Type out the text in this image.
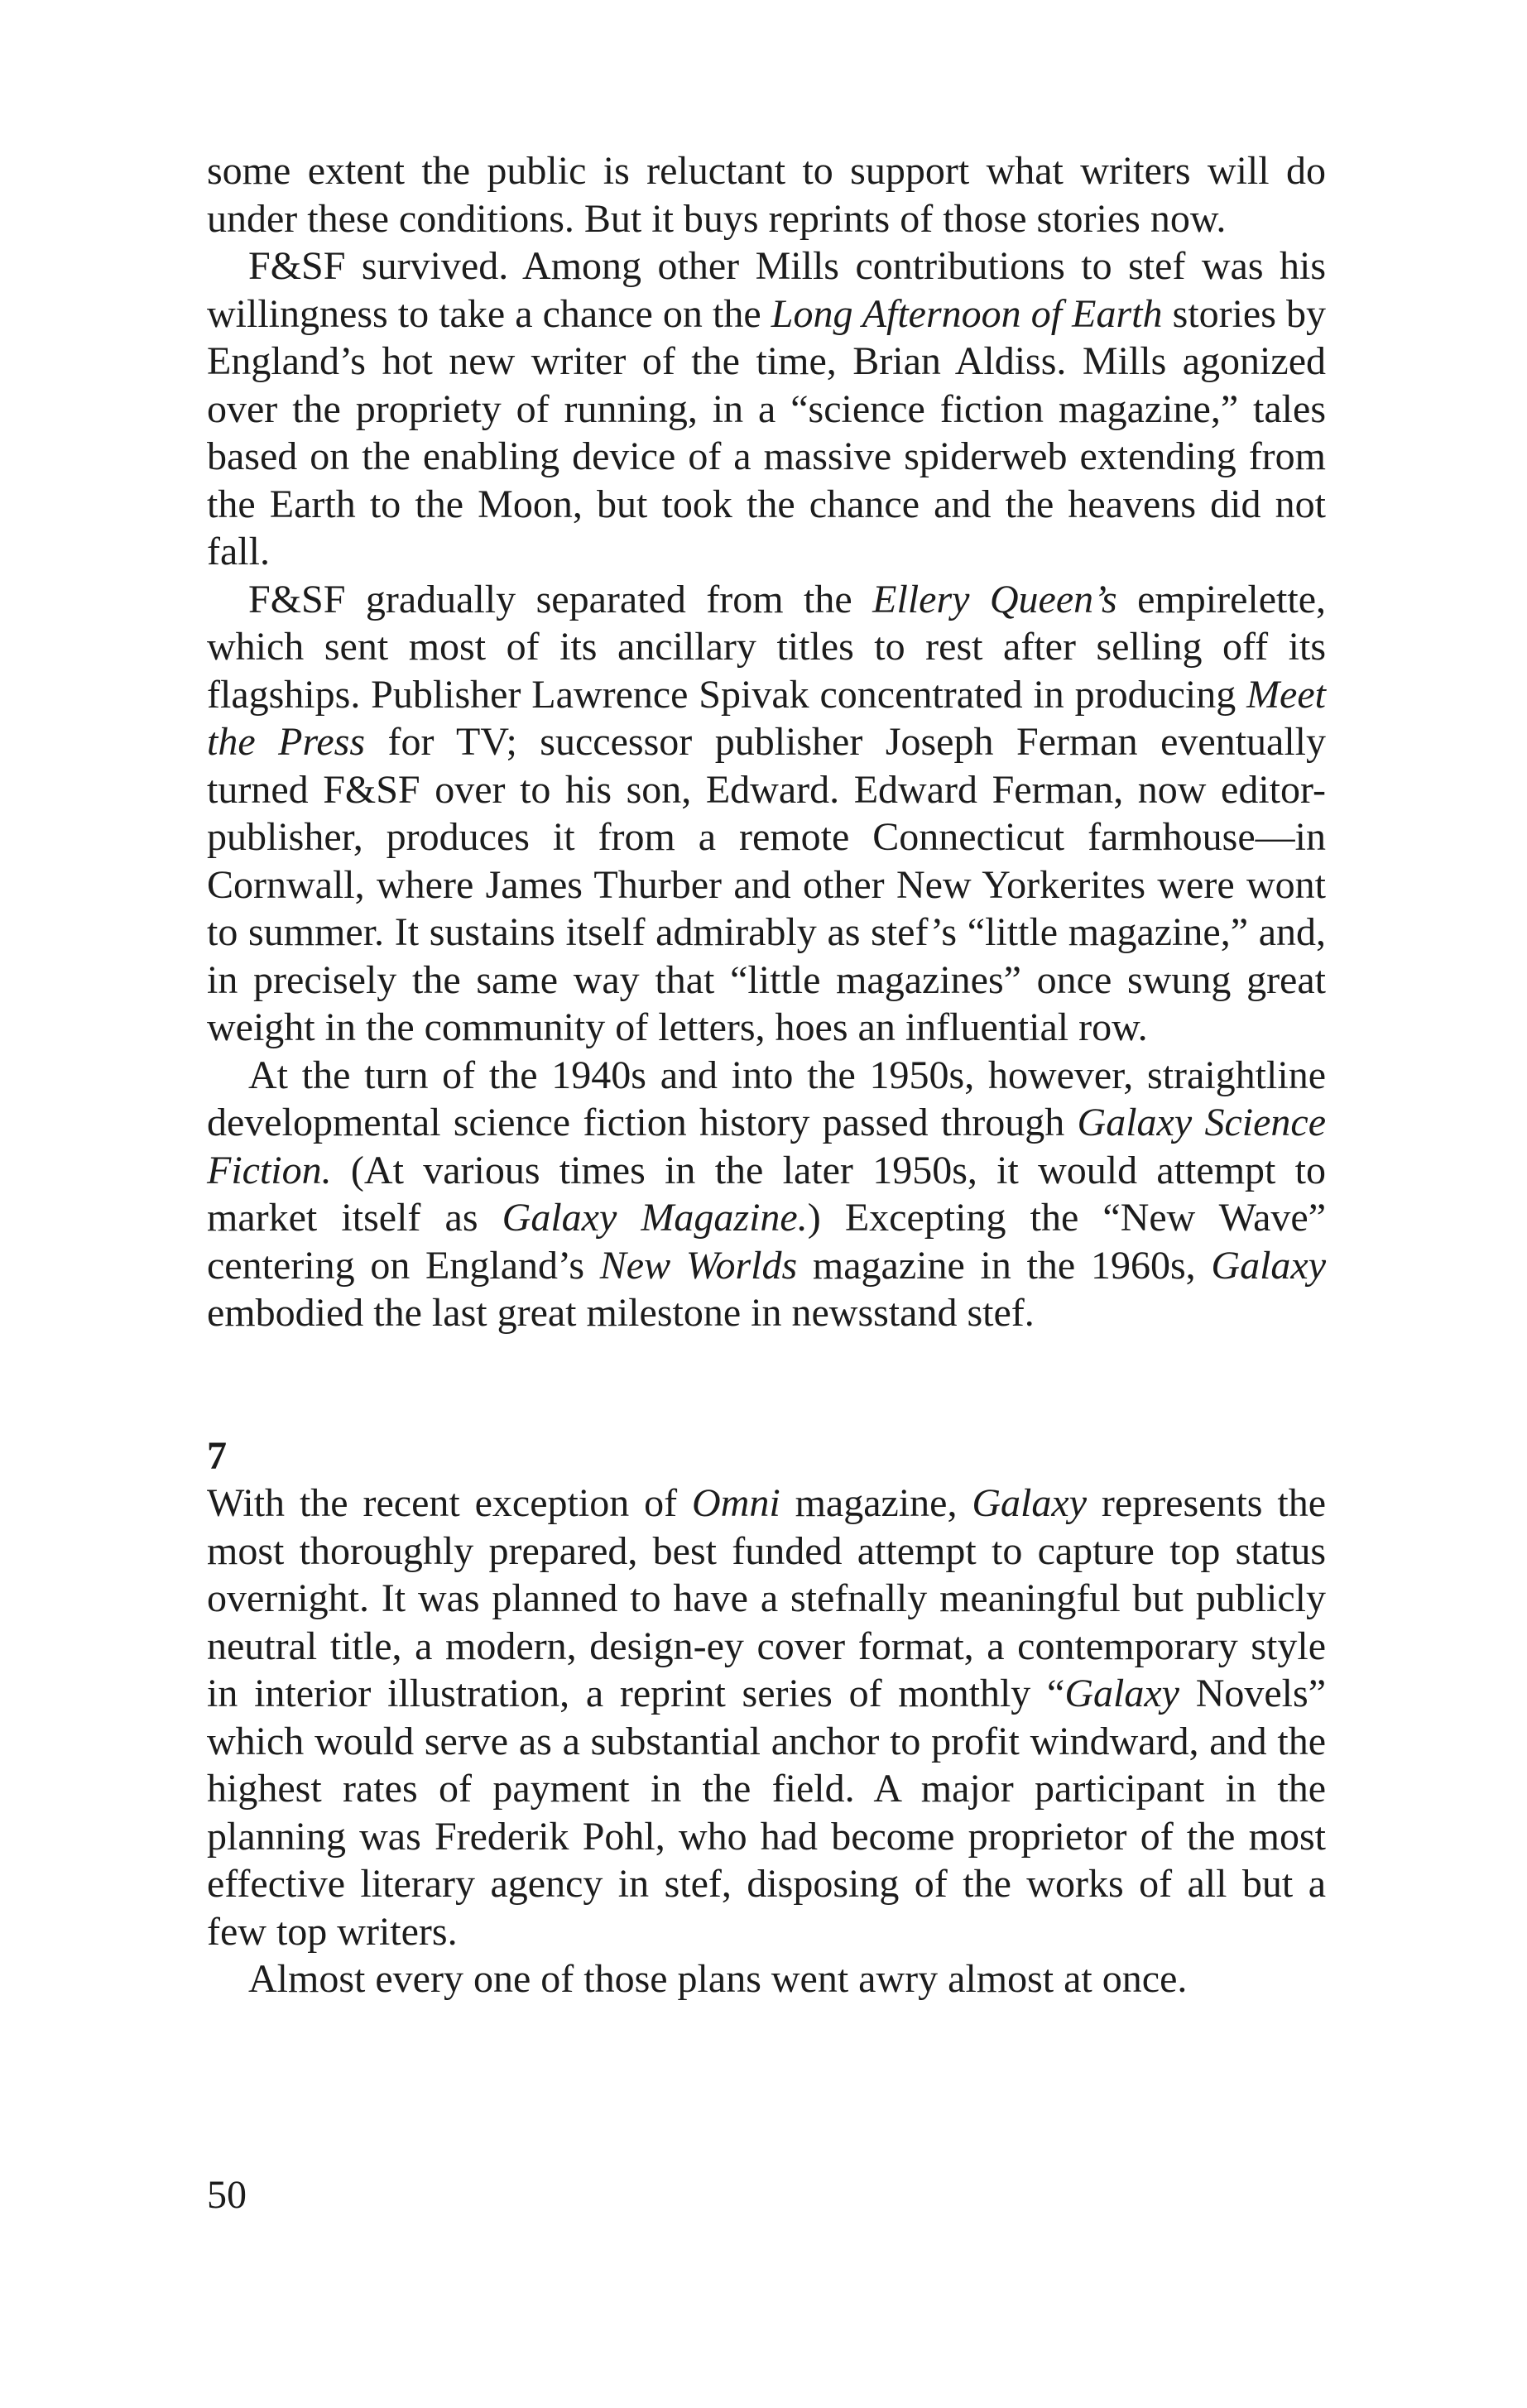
some extent the public is reluctant to support what writers will do under these conditions. But it buys reprints of those stories now.

F&SF survived. Among other Mills contributions to stef was his willingness to take a chance on the Long Afternoon of Earth stories by England’s hot new writer of the time, Brian Aldiss. Mills agonized over the propriety of running, in a “science fiction magazine,” tales based on the enabling device of a massive spiderweb extending from the Earth to the Moon, but took the chance and the heavens did not fall.

F&SF gradually separated from the Ellery Queen’s empirelette, which sent most of its ancillary titles to rest after selling off its flagships. Publisher Lawrence Spivak concentrated in producing Meet the Press for TV; successor publisher Joseph Ferman eventually turned F&SF over to his son, Edward. Edward Ferman, now editor-publisher, produces it from a remote Connecticut farmhouse—in Cornwall, where James Thurber and other New Yorkerites were wont to summer. It sustains itself admirably as stef’s “little magazine,” and, in precisely the same way that “little magazines” once swung great weight in the community of letters, hoes an influential row.

At the turn of the 1940s and into the 1950s, however, straightline developmental science fiction history passed through Galaxy Science Fiction. (At various times in the later 1950s, it would attempt to market itself as Galaxy Magazine.) Excepting the “New Wave” centering on England’s New Worlds magazine in the 1960s, Galaxy embodied the last great milestone in newsstand stef.

7

With the recent exception of Omni magazine, Galaxy represents the most thoroughly prepared, best funded attempt to capture top status overnight. It was planned to have a stefnally meaningful but publicly neutral title, a modern, design-ey cover format, a contemporary style in interior illustration, a reprint series of monthly “Galaxy Novels” which would serve as a substantial anchor to profit windward, and the highest rates of payment in the field. A major participant in the planning was Frederik Pohl, who had become proprietor of the most effective literary agency in stef, disposing of the works of all but a few top writers.

Almost every one of those plans went awry almost at once.

50
